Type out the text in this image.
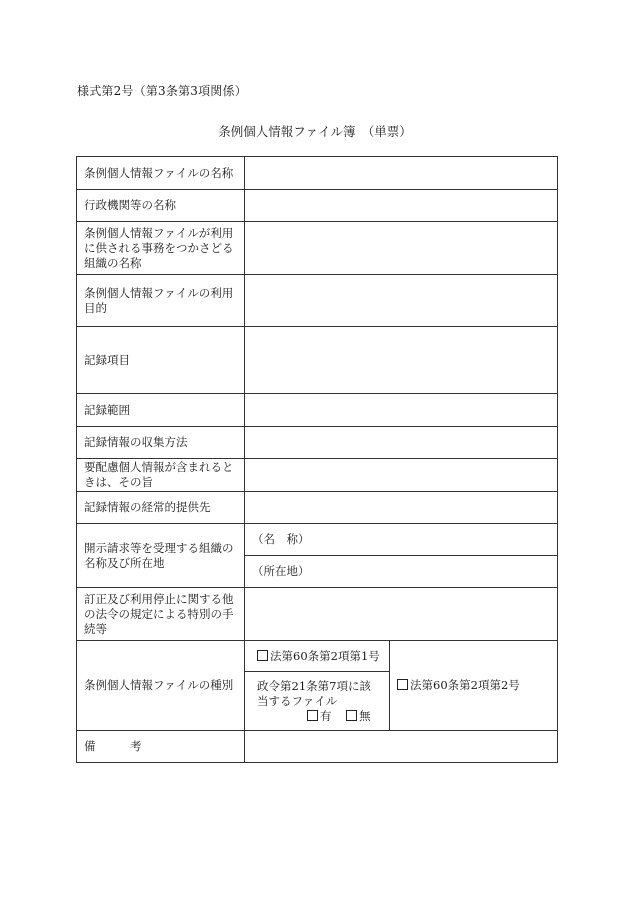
様式第2号（第3条第3項関係）
条例個人情報ファイル簿　（単票）
条例個人情報ファイルの名称		
行政機関等の名称		
条例個人情報ファイルが利用に供される事務をつかさどる組織の名称		
条例個人情報ファイルの利用目的		
記録項目		
記録範囲		
記録情報の収集方法		
要配慮個人情報が含まれるときは、その旨		
記録情報の経常的提供先		
開示請求等を受理する組織の名称及び所在地	（名　称）	
	（所在地）	
訂正及び利用停止に関する他の法令の規定による特別の手続等		
条例個人情報ファイルの種別	法第60条第2項第1号	法第60条第2項第2号

	政令第21条第7項に該当するファイル
有 無	

備　　　考		
